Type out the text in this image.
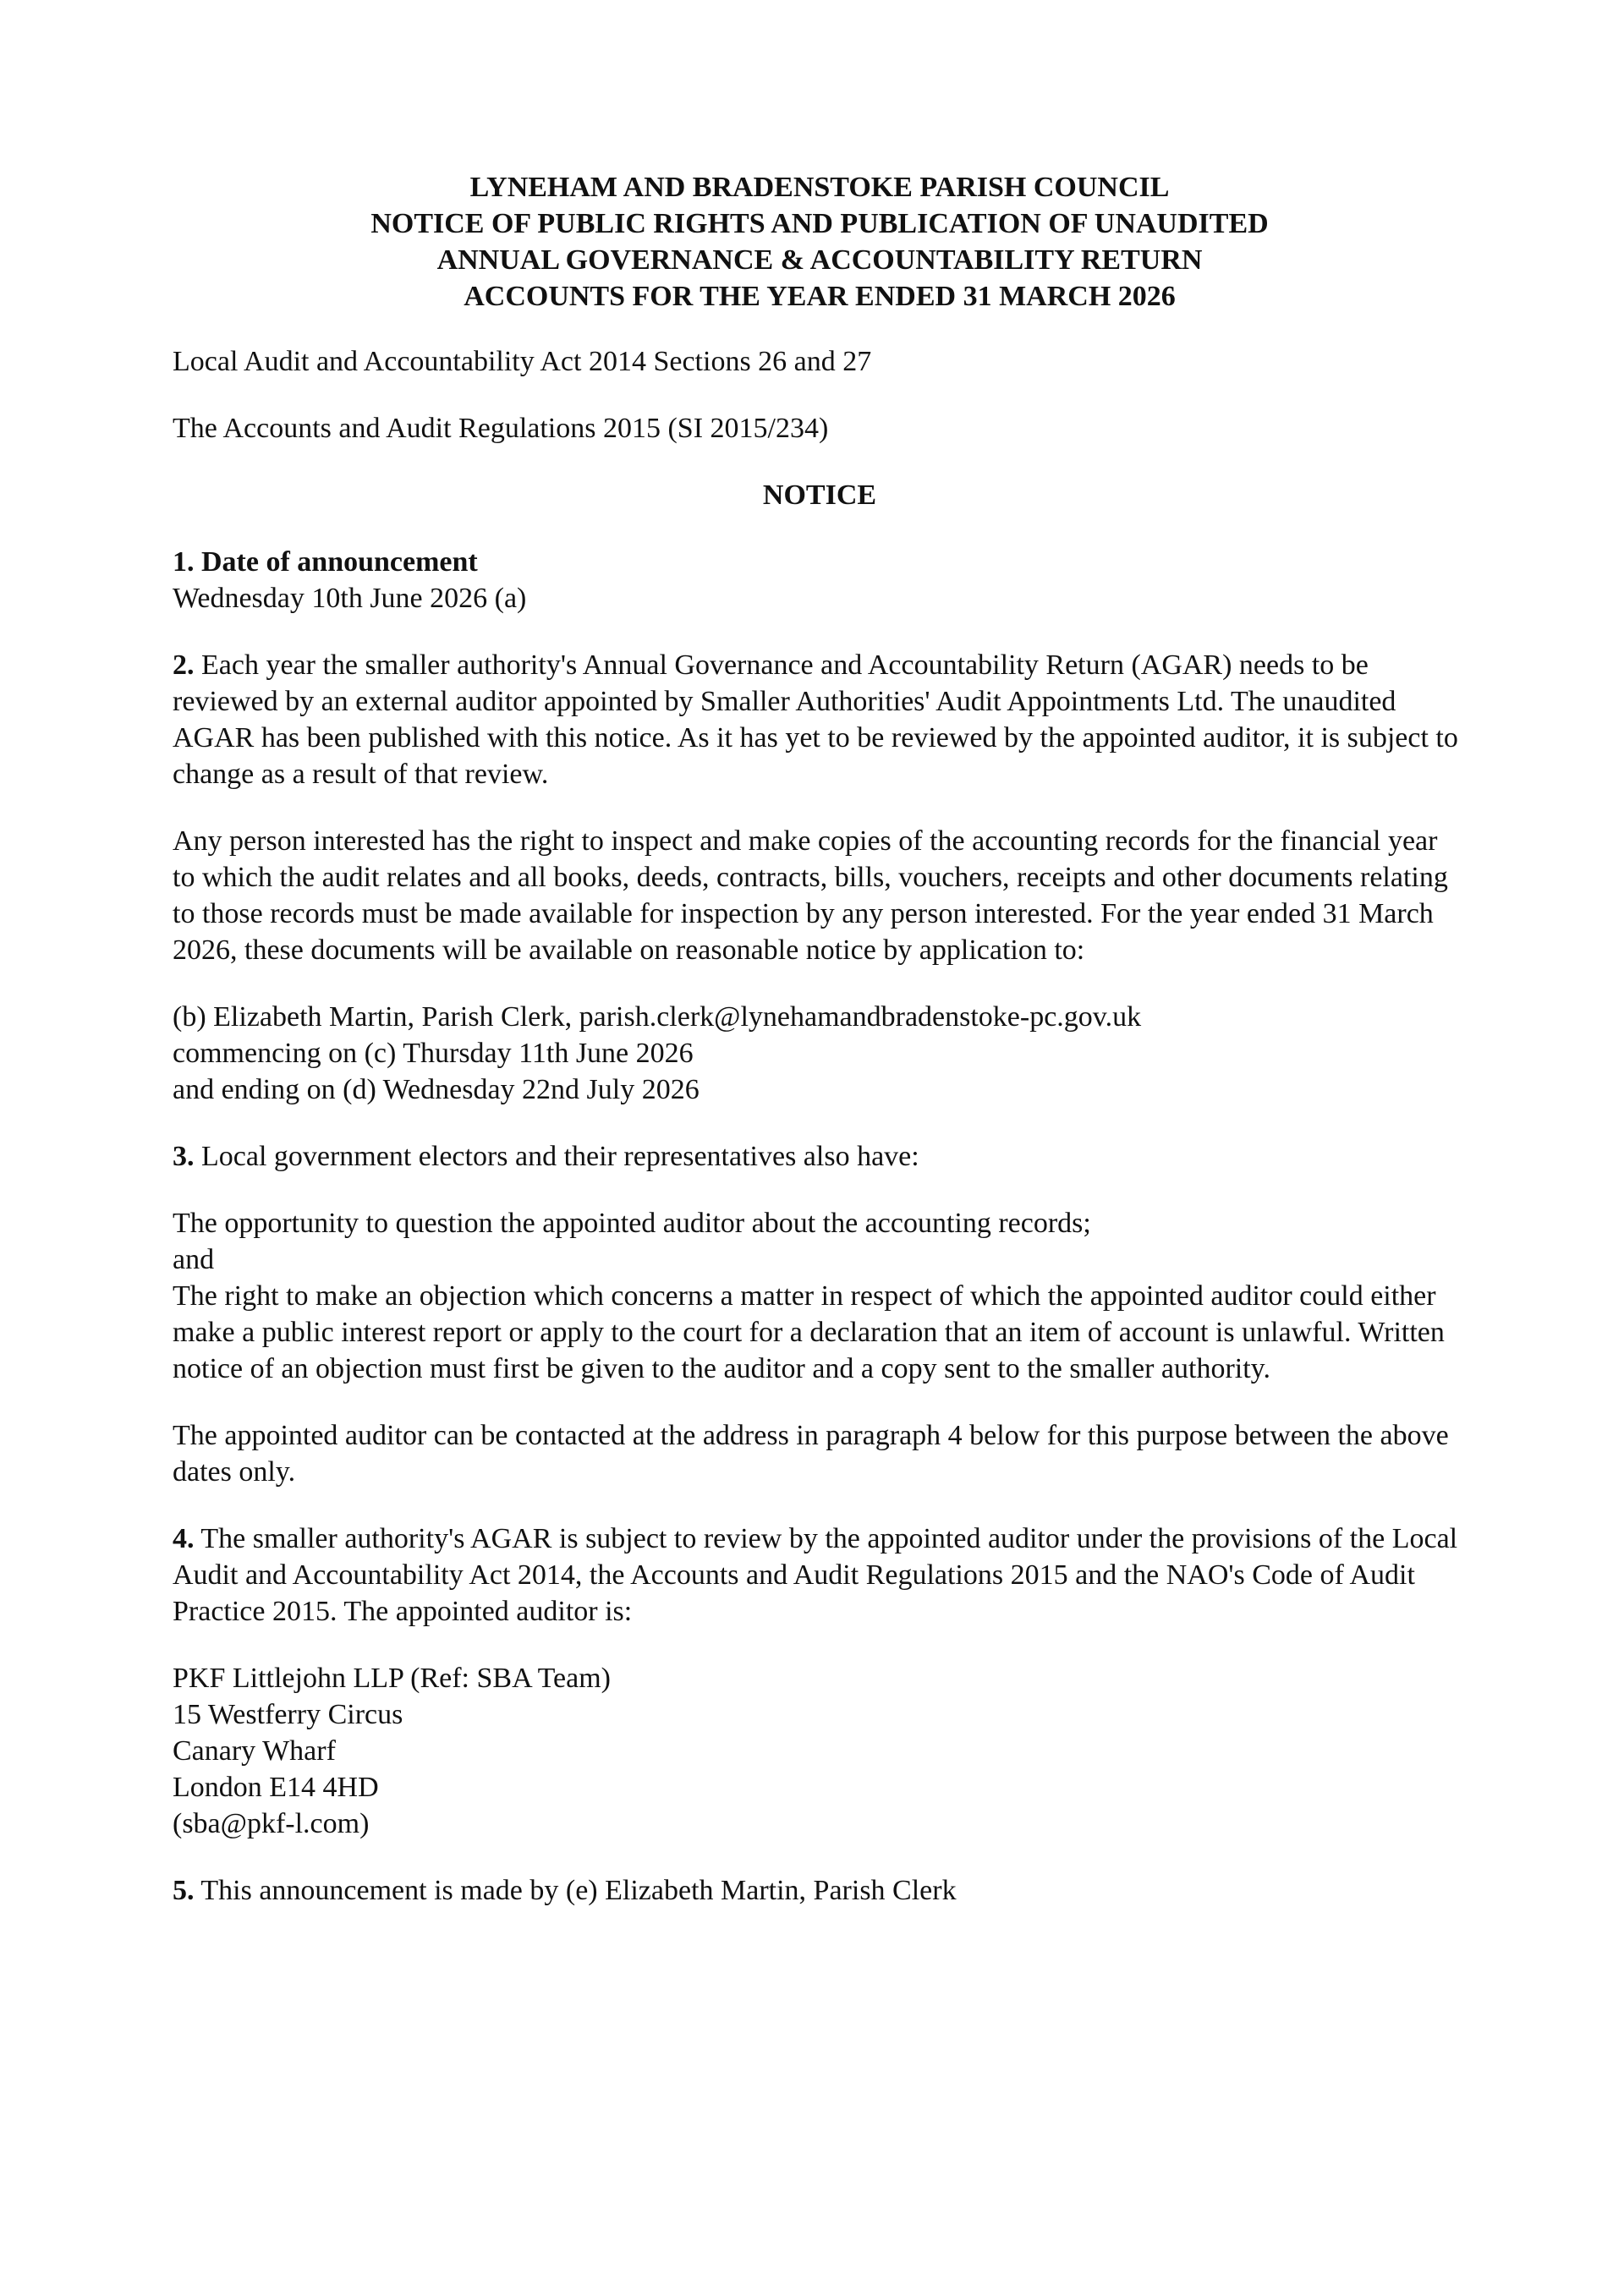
LYNEHAM AND BRADENSTOKE PARISH COUNCIL
NOTICE OF PUBLIC RIGHTS AND PUBLICATION OF UNAUDITED
ANNUAL GOVERNANCE & ACCOUNTABILITY RETURN
ACCOUNTS FOR THE YEAR ENDED 31 MARCH 2026

Local Audit and Accountability Act 2014 Sections 26 and 27

The Accounts and Audit Regulations 2015 (SI 2015/234)

NOTICE

1. Date of announcement
Wednesday 10th June 2026 (a)

2. Each year the smaller authority's Annual Governance and Accountability Return (AGAR) needs to be reviewed by an external auditor appointed by Smaller Authorities' Audit Appointments Ltd. The unaudited AGAR has been published with this notice. As it has yet to be reviewed by the appointed auditor, it is subject to change as a result of that review.

Any person interested has the right to inspect and make copies of the accounting records for the financial year to which the audit relates and all books, deeds, contracts, bills, vouchers, receipts and other documents relating to those records must be made available for inspection by any person interested. For the year ended 31 March 2026, these documents will be available on reasonable notice by application to:

(b) Elizabeth Martin, Parish Clerk, parish.clerk@lynehamandbradenstoke-pc.gov.uk
commencing on (c) Thursday 11th June 2026
and ending on (d) Wednesday 22nd July 2026

3. Local government electors and their representatives also have:

The opportunity to question the appointed auditor about the accounting records;
and
The right to make an objection which concerns a matter in respect of which the appointed auditor could either make a public interest report or apply to the court for a declaration that an item of account is unlawful. Written notice of an objection must first be given to the auditor and a copy sent to the smaller authority.

The appointed auditor can be contacted at the address in paragraph 4 below for this purpose between the above dates only.

4. The smaller authority's AGAR is subject to review by the appointed auditor under the provisions of the Local Audit and Accountability Act 2014, the Accounts and Audit Regulations 2015 and the NAO's Code of Audit Practice 2015. The appointed auditor is:

PKF Littlejohn LLP (Ref: SBA Team)
15 Westferry Circus
Canary Wharf
London E14 4HD
(sba@pkf-l.com)

5. This announcement is made by (e) Elizabeth Martin, Parish Clerk
